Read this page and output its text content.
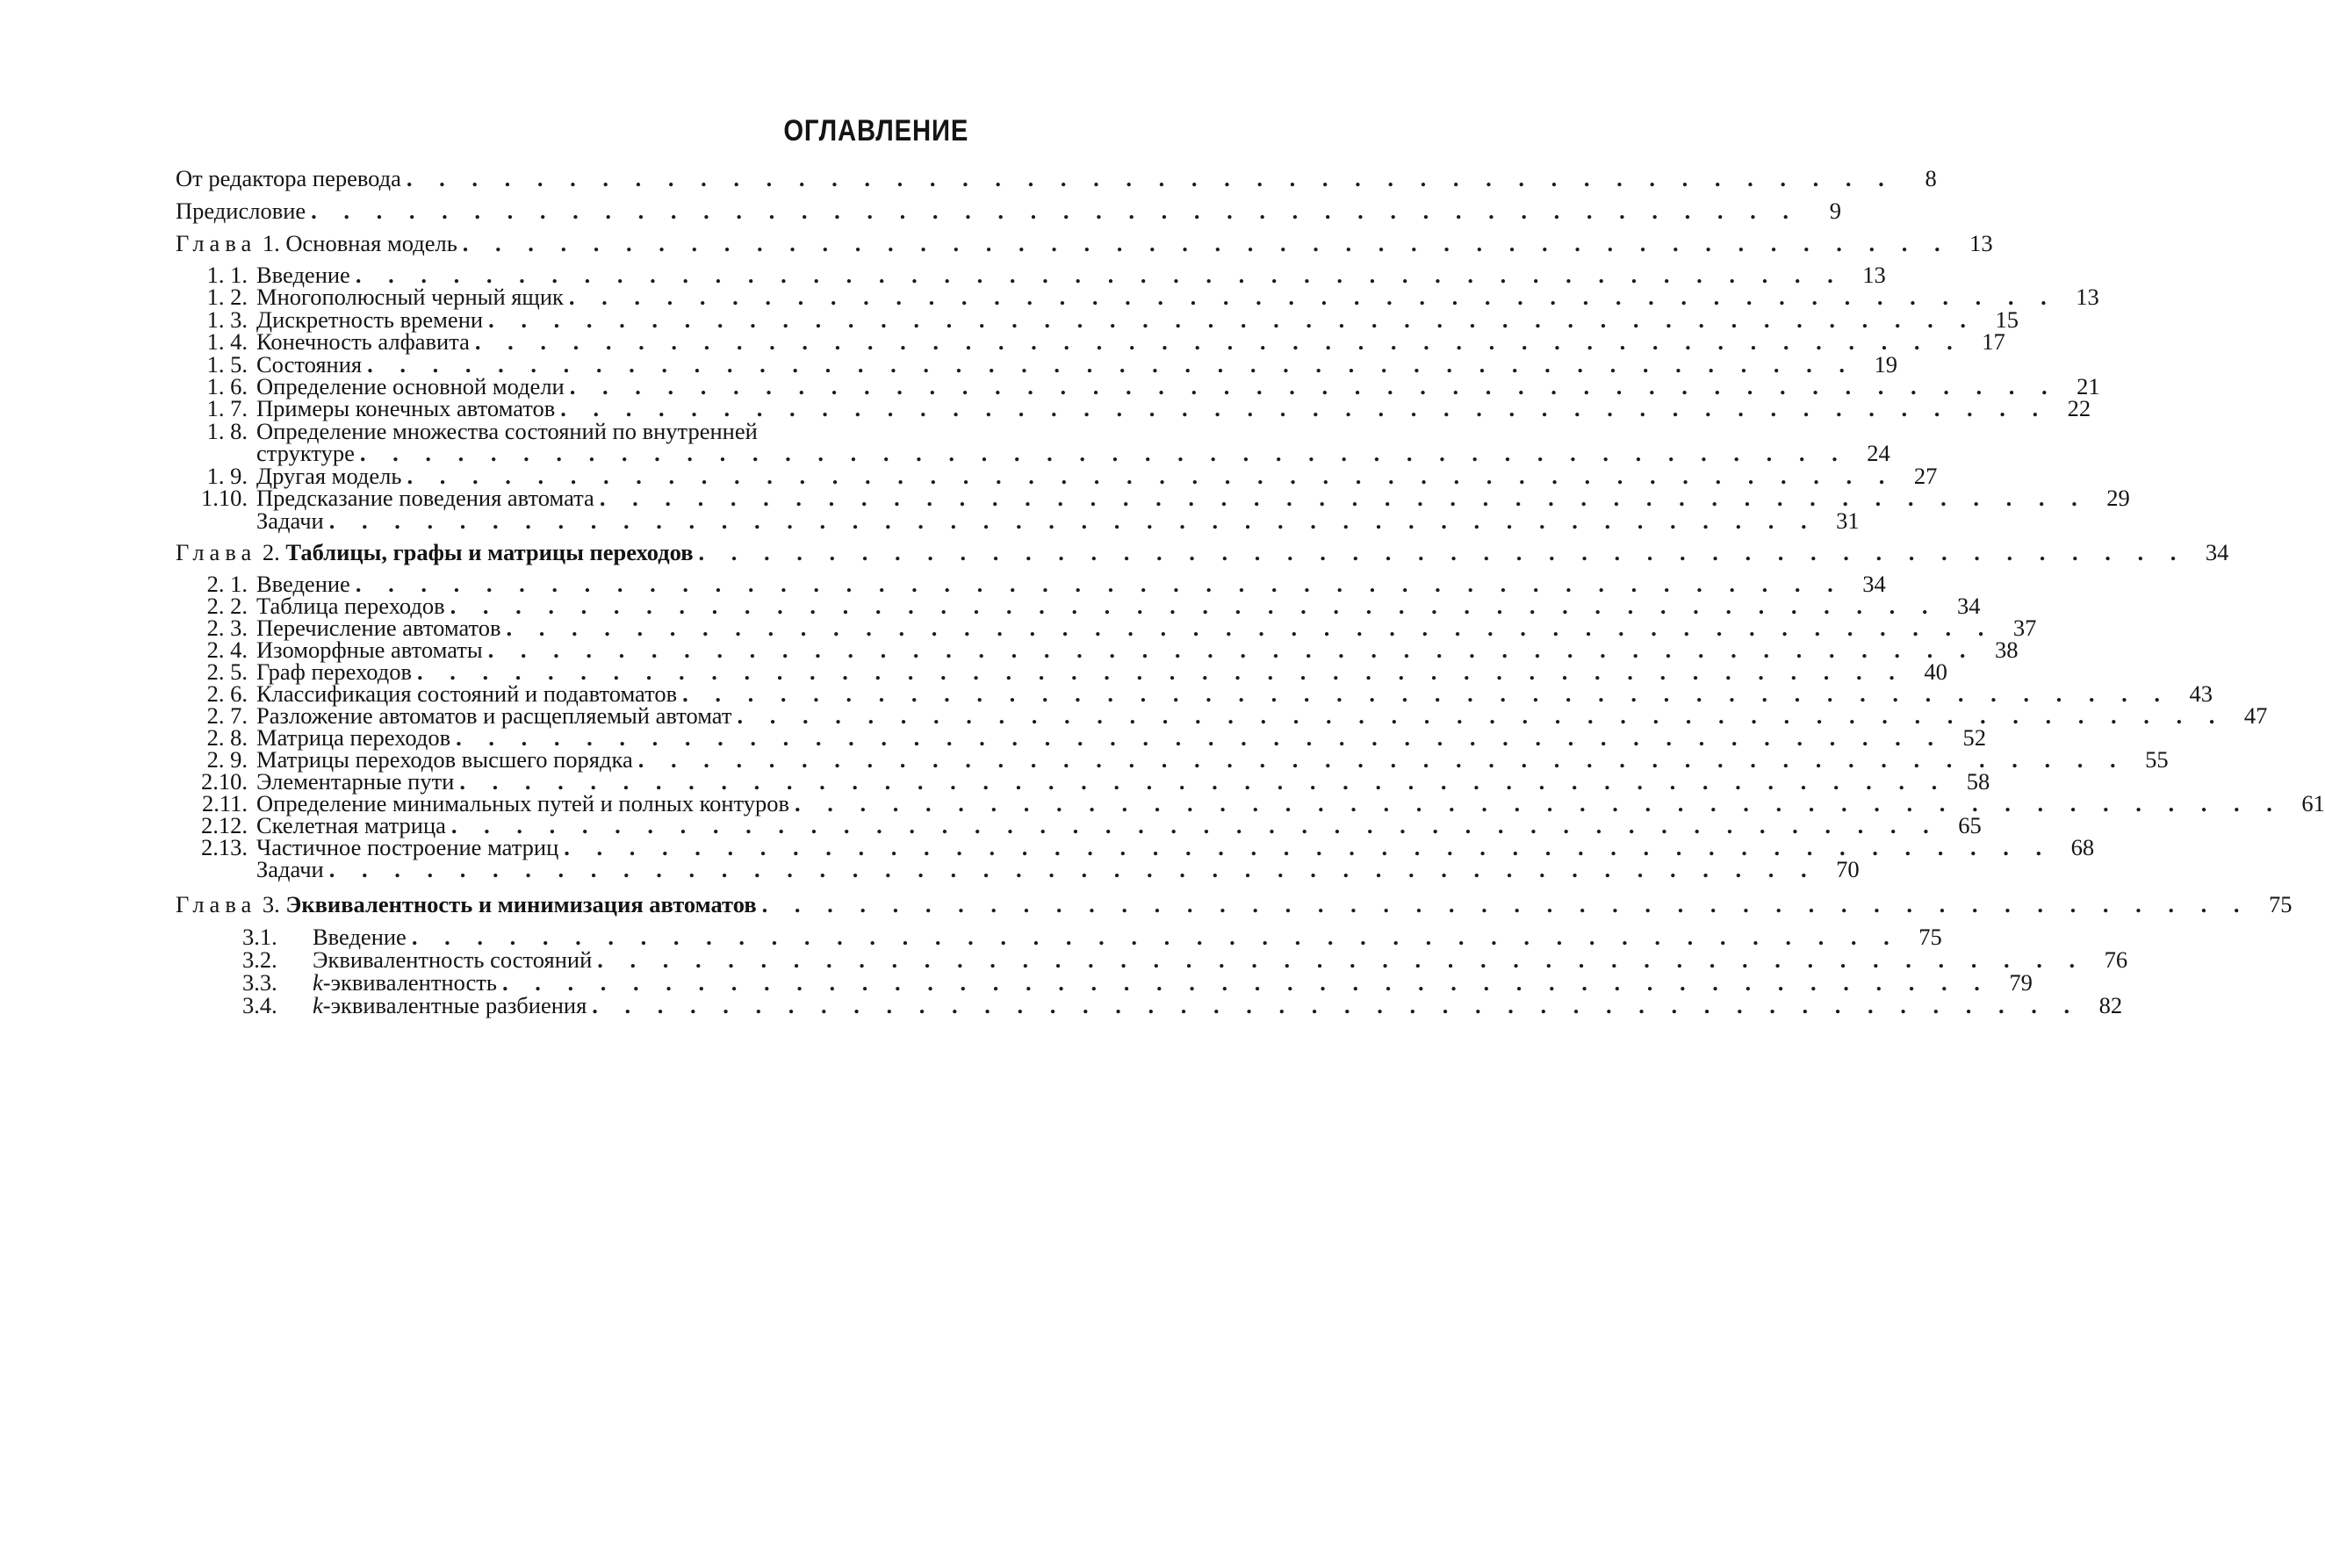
ОГЛАВЛЕНИЕ
От редактора перевода . . . . . . . . . . . . . . . . . . . . . . . . . . . . . . . . . . . . . . . . . . . . . .	8
Предисловие . . . . . . . . . . . . . . . . . . . . . . . . . . . . . . . . . . . . . . . . . . . . . .	9
Глава 1. Основная модель . . . . . . . . . . . . . . . . . . . . . . . . . . . . . . . . . . . . . . . . . . . . . . 13
1. 1. Введение . . . . . . . . . . . . . . . . . . . . . . . . . . . . . . . . . . . . . . . . . . . . . . 13
1. 2. Многополюсный черный ящик . . . . . . . . . . . . . . . . . . . . . . . . . . . . . . . . . . . . . . . . . . . . . . 13
1. 3. Дискретность времени . . . . . . . . . . . . . . . . . . . . . . . . . . . . . . . . . . . . . . . . . . . . . . 15
1. 4. Конечность алфавита . . . . . . . . . . . . . . . . . . . . . . . . . . . . . . . . . . . . . . . . . . . . . . 17
1. 5. Состояния . . . . . . . . . . . . . . . . . . . . . . . . . . . . . . . . . . . . . . . . . . . . . . 19
1. 6. Определение основной модели . . . . . . . . . . . . . . . . . . . . . . . . . . . . . . . . . . . . . . . . . . . . . . 21
1. 7. Примеры конечных автоматов . . . . . . . . . . . . . . . . . . . . . . . . . . . . . . . . . . . . . . . . . . . . . . 22
1. 8. Определение множества состояний по внутренней
структуре . . . . . . . . . . . . . . . . . . . . . . . . . . . . . . . . . . . . . . . . . . . . . . 24
1. 9. Другая модель . . . . . . . . . . . . . . . . . . . . . . . . . . . . . . . . . . . . . . . . . . . . . . 27
1.10. Предсказание поведения автомата . . . . . . . . . . . . . . . . . . . . . . . . . . . . . . . . . . . . . . . . . . . . . . 29
Задачи . . . . . . . . . . . . . . . . . . . . . . . . . . . . . . . . . . . . . . . . . . . . . . 31
Глава 2. Таблицы, графы и матрицы переходов . . . . . . . . . . . . . . . . . . . . . . . . . . . . . . . . . . . . . . . . . . . . . . 34
2. 1. Введение . . . . . . . . . . . . . . . . . . . . . . . . . . . . . . . . . . . . . . . . . . . . . . 34
2. 2. Таблица переходов . . . . . . . . . . . . . . . . . . . . . . . . . . . . . . . . . . . . . . . . . . . . . . 34
2. 3. Перечисление автоматов . . . . . . . . . . . . . . . . . . . . . . . . . . . . . . . . . . . . . . . . . . . . . . 37
2. 4. Изоморфные автоматы . . . . . . . . . . . . . . . . . . . . . . . . . . . . . . . . . . . . . . . . . . . . . . 38
2. 5. Граф переходов . . . . . . . . . . . . . . . . . . . . . . . . . . . . . . . . . . . . . . . . . . . . . . 40
2. 6. Классификация состояний и подавтоматов . . . . . . . . . . . . . . . . . . . . . . . . . . . . . . . . . . . . . . . . . . . . . . 43
2. 7. Разложение автоматов и расщепляемый автомат . . . . . . . . . . . . . . . . . . . . . . . . . . . . . . . . . . . . . . . . . . . . . . 47
2. 8. Матрица переходов . . . . . . . . . . . . . . . . . . . . . . . . . . . . . . . . . . . . . . . . . . . . . . 52
2. 9. Матрицы переходов высшего порядка . . . . . . . . . . . . . . . . . . . . . . . . . . . . . . . . . . . . . . . . . . . . . . 55
2.10. Элементарные пути . . . . . . . . . . . . . . . . . . . . . . . . . . . . . . . . . . . . . . . . . . . . . . 58
2.11. Определение минимальных путей и полных контуров . . . . . . . . . . . . . . . . . . . . . . . . . . . . . . . . . . . . . . . . . . . . . . 61
2.12. Скелетная матрица . . . . . . . . . . . . . . . . . . . . . . . . . . . . . . . . . . . . . . . . . . . . . . 65
2.13. Частичное построение матриц . . . . . . . . . . . . . . . . . . . . . . . . . . . . . . . . . . . . . . . . . . . . . . 68
Задачи . . . . . . . . . . . . . . . . . . . . . . . . . . . . . . . . . . . . . . . . . . . . . . 70
Глава 3. Эквивалентность и минимизация автоматов . . . . . . . . . . . . . . . . . . . . . . . . . . . . . . . . . . . . . . . . . . . . . . 75
3.1.	Введение . . . . . . . . . . . . . . . . . . . . . . . . . . . . . . . . . . . . . . . . . . . . . . 75
3.2.	Эквивалентность состояний . . . . . . . . . . . . . . . . . . . . . . . . . . . . . . . . . . . . . . . . . . . . . . 76
3.3.	k-эквивалентность . . . . . . . . . . . . . . . . . . . . . . . . . . . . . . . . . . . . . . . . . . . . . . 79
3.4.	k-эквивалентные разбиения . . . . . . . . . . . . . . . . . . . . . . . . . . . . . . . . . . . . . . . . . . . . . . 82
